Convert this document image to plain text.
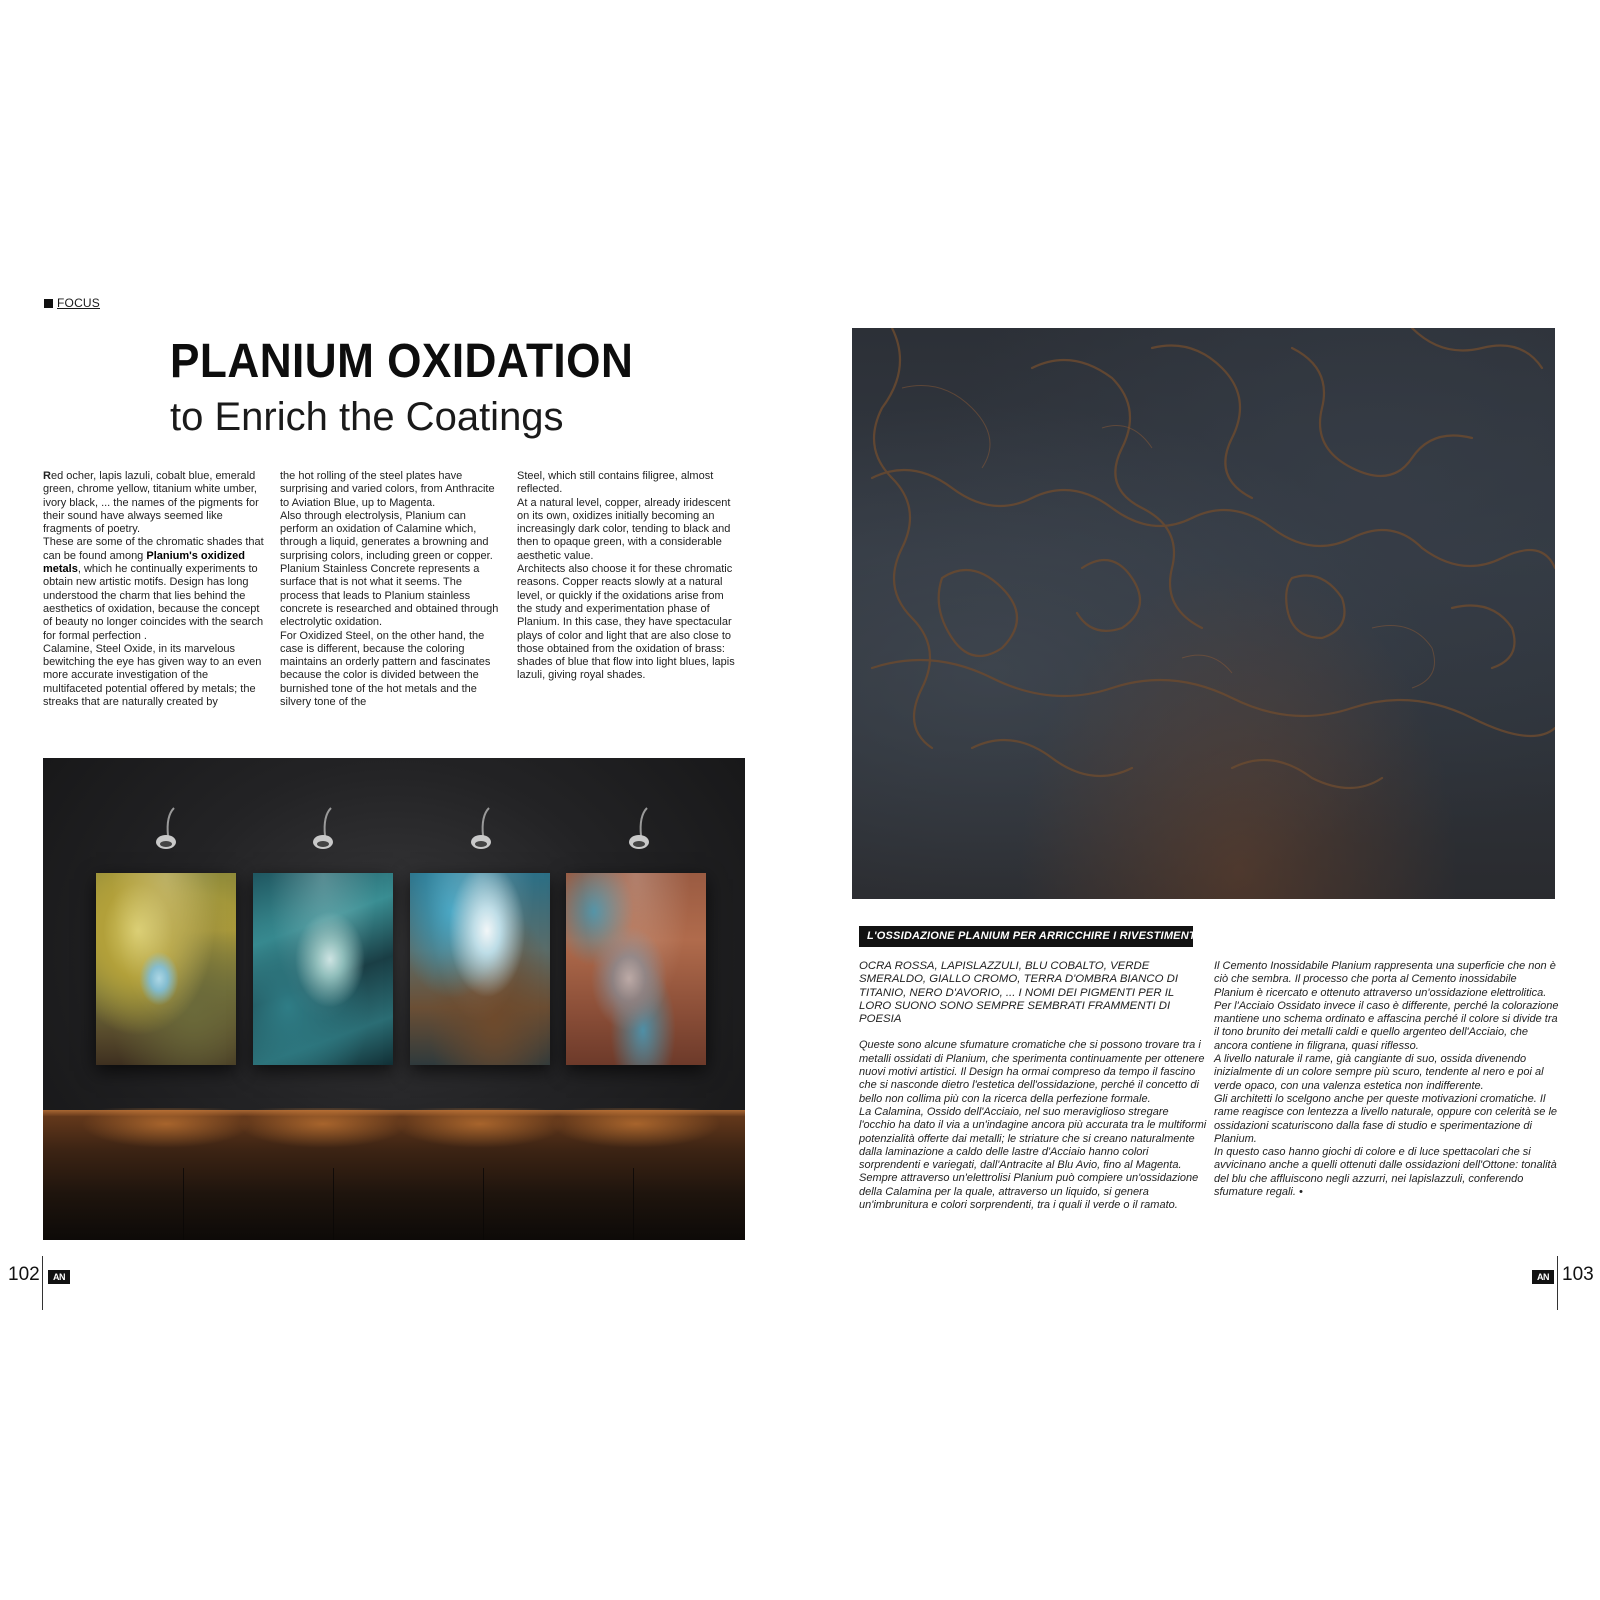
FOCUS
PLANIUM OXIDATION
to Enrich the Coatings

Red ocher, lapis lazuli, cobalt blue, emerald green, chrome yellow, titanium white umber, ivory black, ... the names of the pigments for their sound have always seemed like fragments of poetry.

These are some of the chromatic shades that can be found among Planium's oxidized metals, which he continually experiments to obtain new artistic motifs. Design has long understood the charm that lies behind the aesthetics of oxidation, because the concept of beauty no longer coincides with the search for formal perfection .

Calamine, Steel Oxide, in its marvelous bewitching the eye has given way to an even more accurate investigation of the multifaceted potential offered by metals; the streaks that are naturally created by

the hot rolling of the steel plates have surprising and varied colors, from Anthracite to Aviation Blue, up to Magenta.

Also through electrolysis, Planium can perform an oxidation of Calamine which, through a liquid, generates a browning and surprising colors, including green or copper.

Planium Stainless Concrete represents a surface that is not what it seems. The process that leads to Planium stainless concrete is researched and obtained through electrolytic oxidation.

For Oxidized Steel, on the other hand, the case is different, because the coloring maintains an orderly pattern and fascinates because the color is divided between the burnished tone of the hot metals and the silvery tone of the

Steel, which still contains filigree, almost reflected.

At a natural level, copper, already iridescent on its own, oxidizes initially becoming an increasingly dark color, tending to black and then to opaque green, with a considerable aesthetic value.

Architects also choose it for these chromatic reasons. Copper reacts slowly at a natural level, or quickly if the oxidations arise from the study and experimentation phase of Planium. In this case, they have spectacular plays of color and light that are also close to those obtained from the oxidation of brass: shades of blue that flow into light blues, lapis lazuli, giving royal shades.

L'OSSIDAZIONE PLANIUM PER ARRICCHIRE I RIVESTIMENTI

OCRA ROSSA, LAPISLAZZULI, BLU COBALTO, VERDE SMERALDO, GIALLO CROMO, TERRA D'OMBRA BIANCO DI TITANIO, NERO D'AVORIO, ... I NOMI DEI PIGMENTI PER IL LORO SUONO SONO SEMPRE SEMBRATI FRAMMENTI DI POESIA

Queste sono alcune sfumature cromatiche che si possono trovare tra i metalli ossidati di Planium, che sperimenta continuamente per ottenere nuovi motivi artistici. Il Design ha ormai compreso da tempo il fascino che si nasconde dietro l'estetica dell'ossidazione, perché il concetto di bello non collima più con la ricerca della perfezione formale.

La Calamina, Ossido dell'Acciaio, nel suo meraviglioso stregare l'occhio ha dato il via a un'indagine ancora più accurata tra le multiformi potenzialità offerte dai metalli; le striature che si creano naturalmente dalla laminazione a caldo delle lastre d'Acciaio hanno colori sorprendenti e variegati, dall'Antracite al Blu Avio, fino al Magenta.

Sempre attraverso un'elettrolisi Planium può compiere un'ossidazione della Calamina per la quale, attraverso un liquido, si genera un'imbrunitura e colori sorprendenti, tra i quali il verde o il ramato.

Il Cemento Inossidabile Planium rappresenta una superficie che non è ciò che sembra. Il processo che porta al Cemento inossidabile Planium è ricercato e ottenuto attraverso un'ossidazione elettrolitica. Per l'Acciaio Ossidato invece il caso è differente, perché la colorazione mantiene uno schema ordinato e affascina perché il colore si divide tra il tono brunito dei metalli caldi e quello argenteo dell'Acciaio, che ancora contiene in filigrana, quasi riflesso.

A livello naturale il rame, già cangiante di suo, ossida divenendo inizialmente di un colore sempre più scuro, tendente al nero e poi al verde opaco, con una valenza estetica non indifferente.

Gli architetti lo scelgono anche per queste motivazioni cromatiche. Il rame reagisce con lentezza a livello naturale, oppure con celerità se le ossidazioni scaturiscono dalla fase di studio e sperimentazione di Planium.

In questo caso hanno giochi di colore e di luce spettacolari che si avvicinano anche a quelli ottenuti dalle ossidazioni dell'Ottone: tonalità del blu che affluiscono negli azzurri, nei lapislazzuli, conferendo sfumature regali. •

102	AN	AN 103
